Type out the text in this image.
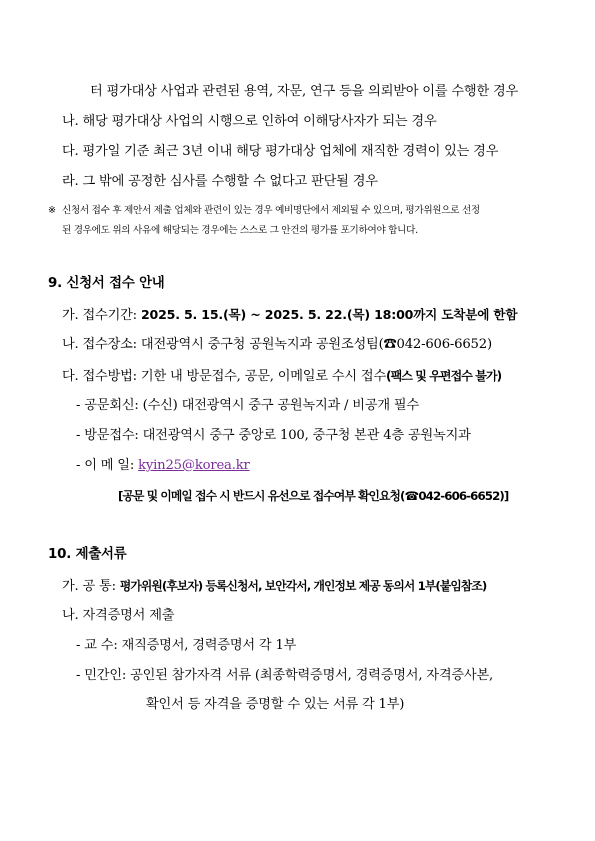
터 평가대상 사업과 관련된 용역, 자문, 연구 등을 의뢰받아 이를 수행한 경우
나. 해당 평가대상 사업의 시행으로 인하여 이해당사자가 되는 경우
다. 평가일 기준 최근 3년 이내 해당 평가대상 업체에 재직한 경력이 있는 경우
라. 그 밖에 공정한 심사를 수행할 수 없다고 판단될 경우
※ 신청서 접수 후 제안서 제출 업체와 관련이 있는 경우 예비명단에서 제외될 수 있으며, 평가위원으로 선정
된 경우에도 위의 사유에 해당되는 경우에는 스스로 그 안건의 평가를 포기하여야 합니다.
9. 신청서 접수 안내
가. 접수기간: 2025. 5. 15.(목) ~ 2025. 5. 22.(목) 18:00까지 도착분에 한함
나. 접수장소: 대전광역시 중구청 공원녹지과 공원조성팀(☎042-606-6652)
다. 접수방법: 기한 내 방문접수, 공문, 이메일로 수시 접수(팩스 및 우편접수 불가)
- 공문회신: (수신) 대전광역시 중구 공원녹지과 / 비공개 필수
- 방문접수: 대전광역시 중구 중앙로 100, 중구청 본관 4층 공원녹지과
- 이 메 일: kyin25@korea.kr
[공문 및 이메일 접수 시 반드시 유선으로 접수여부 확인요청(☎042-606-6652)]
10. 제출서류
가. 공 통: 평가위원(후보자) 등록신청서, 보안각서, 개인정보 제공 동의서 1부(붙임참조)
나. 자격증명서 제출
- 교 수: 재직증명서, 경력증명서 각 1부
- 민간인: 공인된 참가자격 서류 (최종학력증명서, 경력증명서, 자격증사본,
확인서 등 자격을 증명할 수 있는 서류 각 1부)
